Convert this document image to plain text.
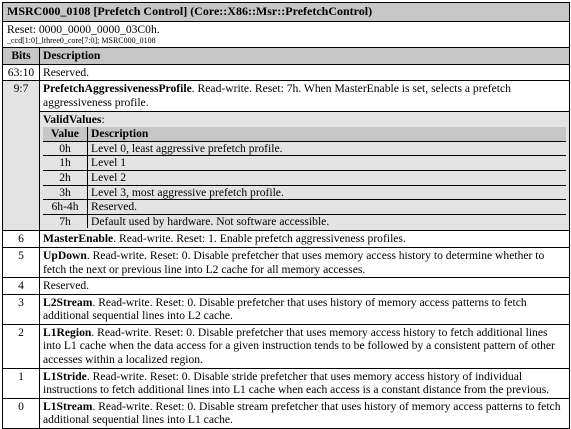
MSRC000_0108 [Prefetch Control] (Core::X86::Msr::PrefetchControl)
Reset: 0000_0000_0000_03C0h.
_ccd[1:0]_lthree0_core[7:0]; MSRC000_0108
Bits	Description
63:10	Reserved.
9:7	PrefetchAggressivenessProfile. Read-write. Reset: 7h. When MasterEnable is set, selects a prefetch aggressiveness profile.

ValidValues:
Value	Description
0h	Level 0, least aggressive prefetch profile.
1h	Level 1
2h	Level 2
3h	Level 3, most aggressive prefetch profile.
6h-4h	Reserved.
7h	Default used by hardware. Not software accessible.

6	MasterEnable. Read-write. Reset: 1. Enable prefetch aggressiveness profiles.
5	UpDown. Read-write. Reset: 0. Disable prefetcher that uses memory access history to determine whether to fetch the next or previous line into L2 cache for all memory accesses.
4	Reserved.
3	L2Stream. Read-write. Reset: 0. Disable prefetcher that uses history of memory access patterns to fetch additional sequential lines into L2 cache.
2	L1Region. Read-write. Reset: 0. Disable prefetcher that uses memory access history to fetch additional lines into L1 cache when the data access for a given instruction tends to be followed by a consistent pattern of other accesses within a localized region.
1	L1Stride. Read-write. Reset: 0. Disable stride prefetcher that uses memory access history of individual instructions to fetch additional lines into L1 cache when each access is a constant distance from the previous.
0	L1Stream. Read-write. Reset: 0. Disable stream prefetcher that uses history of memory access patterns to fetch additional sequential lines into L1 cache.
